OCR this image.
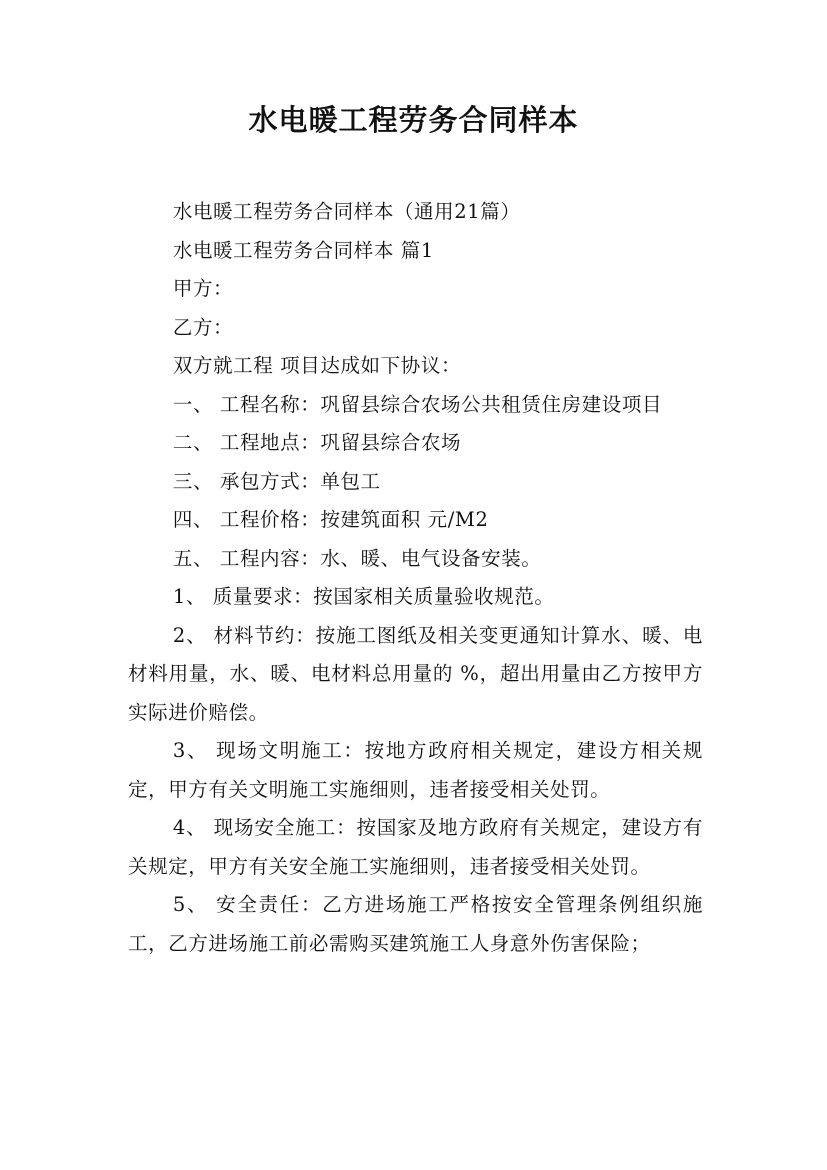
水电暖工程劳务合同样本

水电暖工程劳务合同样本（通用21篇）

水电暖工程劳务合同样本 篇1

甲方：

乙方：

双方就工程 项目达成如下协议：

一、 工程名称：巩留县综合农场公共租赁住房建设项目

二、 工程地点：巩留县综合农场

三、 承包方式：单包工

四、 工程价格：按建筑面积 元/M2

五、 工程内容：水、暖、电气设备安装。

1、 质量要求：按国家相关质量验收规范。

2、 材料节约：按施工图纸及相关变更通知计算水、暖、电材料用量，水、暖、电材料总用量的 %，超出用量由乙方按甲方实际进价赔偿。

3、 现场文明施工：按地方政府相关规定，建设方相关规定，甲方有关文明施工实施细则，违者接受相关处罚。

4、 现场安全施工：按国家及地方政府有关规定，建设方有关规定，甲方有关安全施工实施细则，违者接受相关处罚。

5、 安全责任：乙方进场施工严格按安全管理条例组织施工，乙方进场施工前必需购买建筑施工人身意外伤害保险；
